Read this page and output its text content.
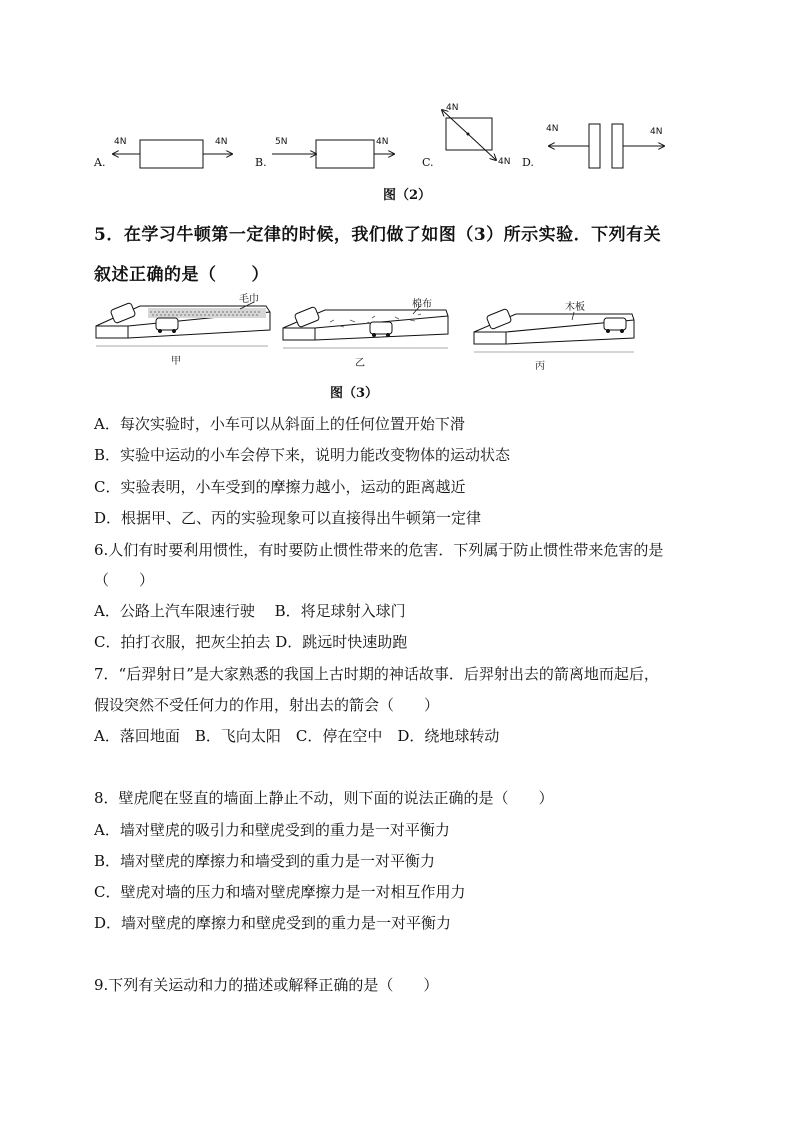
A.
4N	4N
B.
5N	4N
C.
4N
4N D.
4N	4N
图（2）
5．在学习牛顿第一定律的时候，我们做了如图（3）所示实验．下列有关
叙述正确的是（　　）
毛巾
甲
棉布
乙
木板
丙
图（3）
A．每次实验时，小车可以从斜面上的任何位置开始下滑
B．实验中运动的小车会停下来，说明力能改变物体的运动状态
C．实验表明，小车受到的摩擦力越小，运动的距离越近
D．根据甲、乙、丙的实验现象可以直接得出牛顿第一定律
6.人们有时要利用惯性，有时要防止惯性带来的危害．下列属于防止惯性带来危害的是
（　　）
A．公路上汽车限速行驶　 B．将足球射入球门
C．拍打衣服，把灰尘拍去 D．跳远时快速助跑
7．“后羿射日”是大家熟悉的我国上古时期的神话故事．后羿射出去的箭离地而起后，
假设突然不受任何力的作用，射出去的箭会（　　）
A．落回地面　B．飞向太阳　C．停在空中　D．绕地球转动
8．壁虎爬在竖直的墙面上静止不动，则下面的说法正确的是（　　）
A．墙对壁虎的吸引力和壁虎受到的重力是一对平衡力
B．墙对壁虎的摩擦力和墙受到的重力是一对平衡力
C．壁虎对墙的压力和墙对壁虎摩擦力是一对相互作用力
D．墙对壁虎的摩擦力和壁虎受到的重力是一对平衡力
9.下列有关运动和力的描述或解释正确的是（　　）
